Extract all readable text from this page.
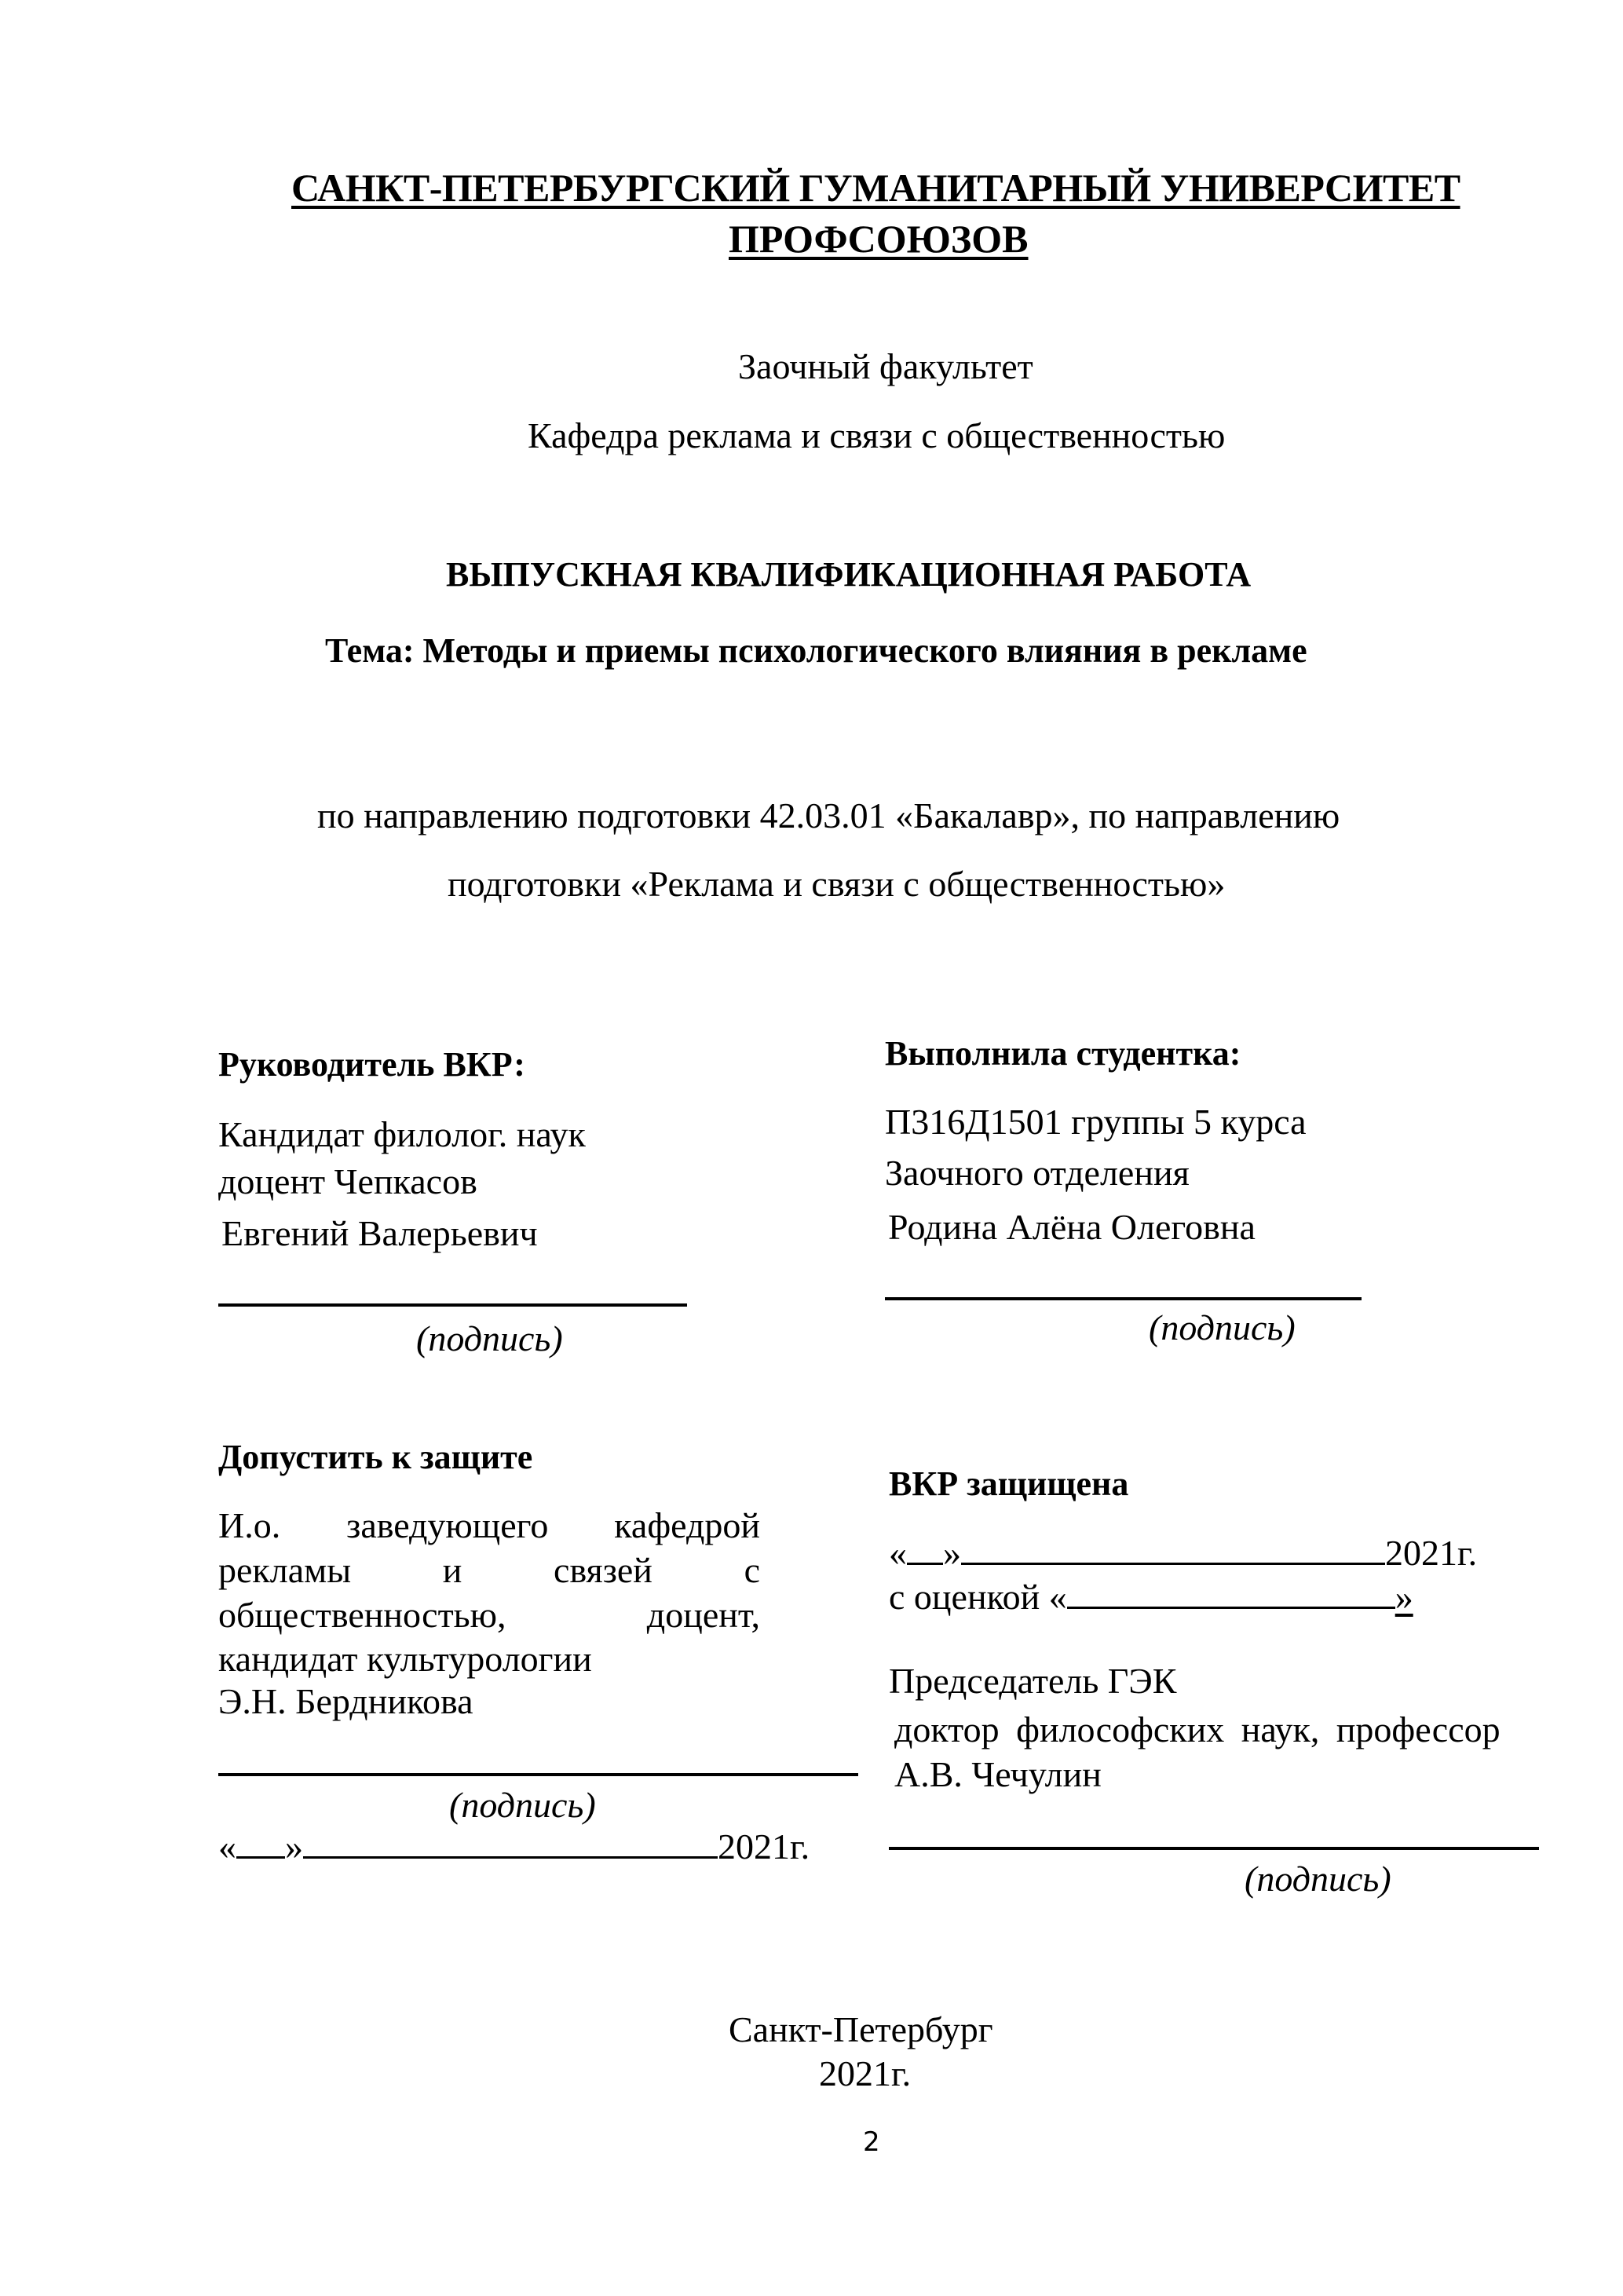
САНКТ-ПЕТЕРБУРГСКИЙ ГУМАНИТАРНЫЙ УНИВЕРСИТЕТ
ПРОФСОЮЗОВ
Заочный факультет
Кафедра реклама и связи с общественностью
ВЫПУСКНАЯ КВАЛИФИКАЦИОННАЯ РАБОТА
Тема: Методы и приемы психологического влияния в рекламе
по направлению подготовки 42.03.01 «Бакалавр», по направлению
подготовки «Реклама и связи с общественностью»
Руководитель ВКР:
Кандидат филолог. наук
доцент Чепкасов
Евгений Валерьевич
(подпись)
Выполнила студентка:
П316Д1501 группы 5 курса
Заочного отделения
Родина Алёна Олеговна
(подпись)
Допустить к защите
И.о. заведующего кафедрой
рекламы	и	связей	с
общественностью,	доцент,
кандидат культурологии
Э.Н. Бердникова
(подпись)
« »	2021г.
ВКР защищена
« »	2021г.
с оценкой «	»
Председатель ГЭК
доктор философских наук, профессор
А.В. Чечулин
(подпись)
Санкт-Петербург
2021г.
2
